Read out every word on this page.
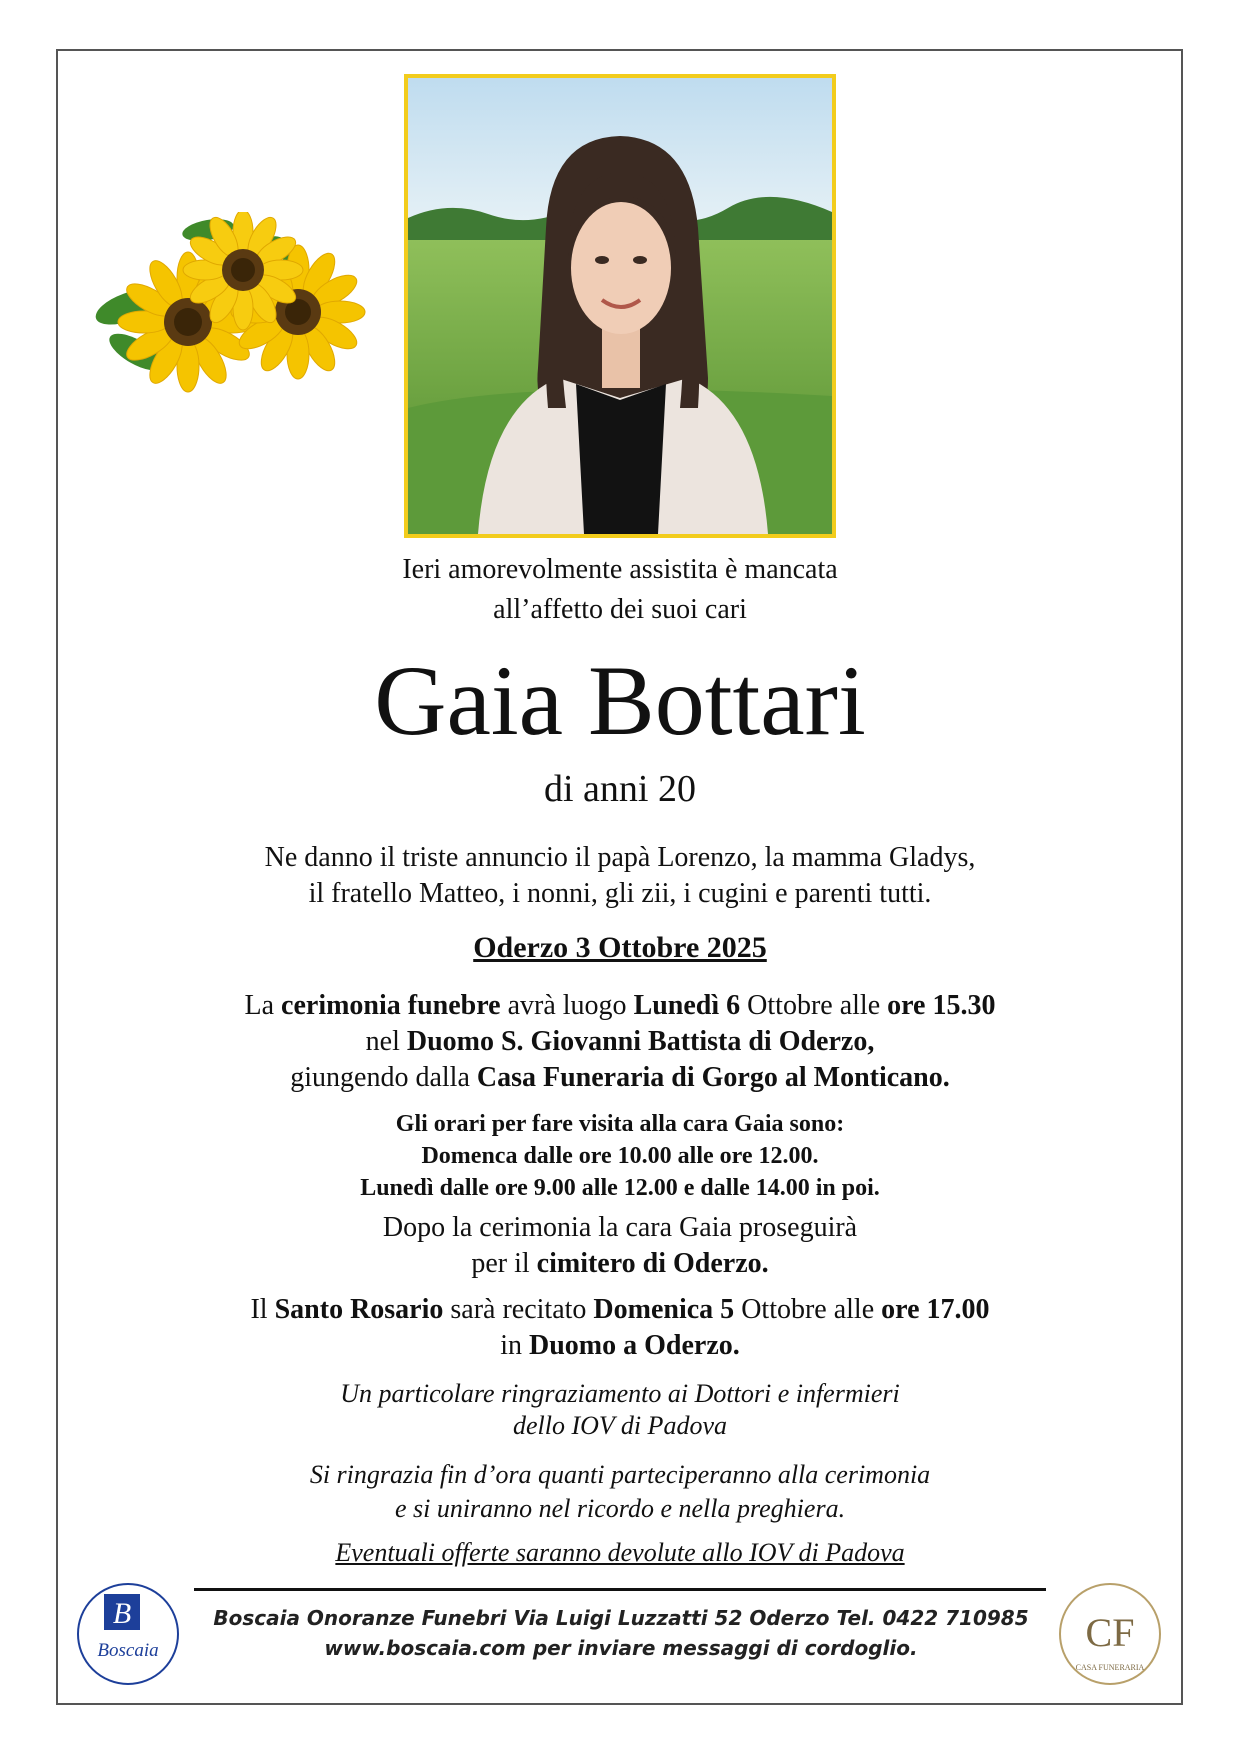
Ieri amorevolmente assistita è mancata
all’affetto dei suoi cari
Gaia Bottari
di anni 20
Ne danno il triste annuncio il papà Lorenzo, la mamma Gladys,
il fratello Matteo, i nonni, gli zii, i cugini e parenti tutti.
Oderzo 3 Ottobre 2025
La cerimonia funebre avrà luogo Lunedì 6 Ottobre alle ore 15.30
nel Duomo S. Giovanni Battista di Oderzo,
giungendo dalla Casa Funeraria di Gorgo al Monticano.
Gli orari per fare visita alla cara Gaia sono:
Domenca dalle ore 10.00 alle ore 12.00.
Lunedì dalle ore 9.00 alle 12.00 e dalle 14.00 in poi.
Dopo la cerimonia la cara Gaia proseguirà
per il cimitero di Oderzo.
Il Santo Rosario sarà recitato Domenica 5 Ottobre alle ore 17.00
in Duomo a Oderzo.
Un particolare ringraziamento ai Dottori e infermieri
dello IOV di Padova
Si ringrazia fin d’ora quanti parteciperanno alla cerimonia
e si uniranno nel ricordo e nella preghiera.
Eventuali offerte saranno devolute allo IOV di Padova
Boscaia Onoranze Funebri Via Luigi Luzzatti 52 Oderzo Tel. 0422 710985
www.boscaia.com per inviare messaggi di cordoglio.
B
Boscaia	CF
CASA FUNERARIA
